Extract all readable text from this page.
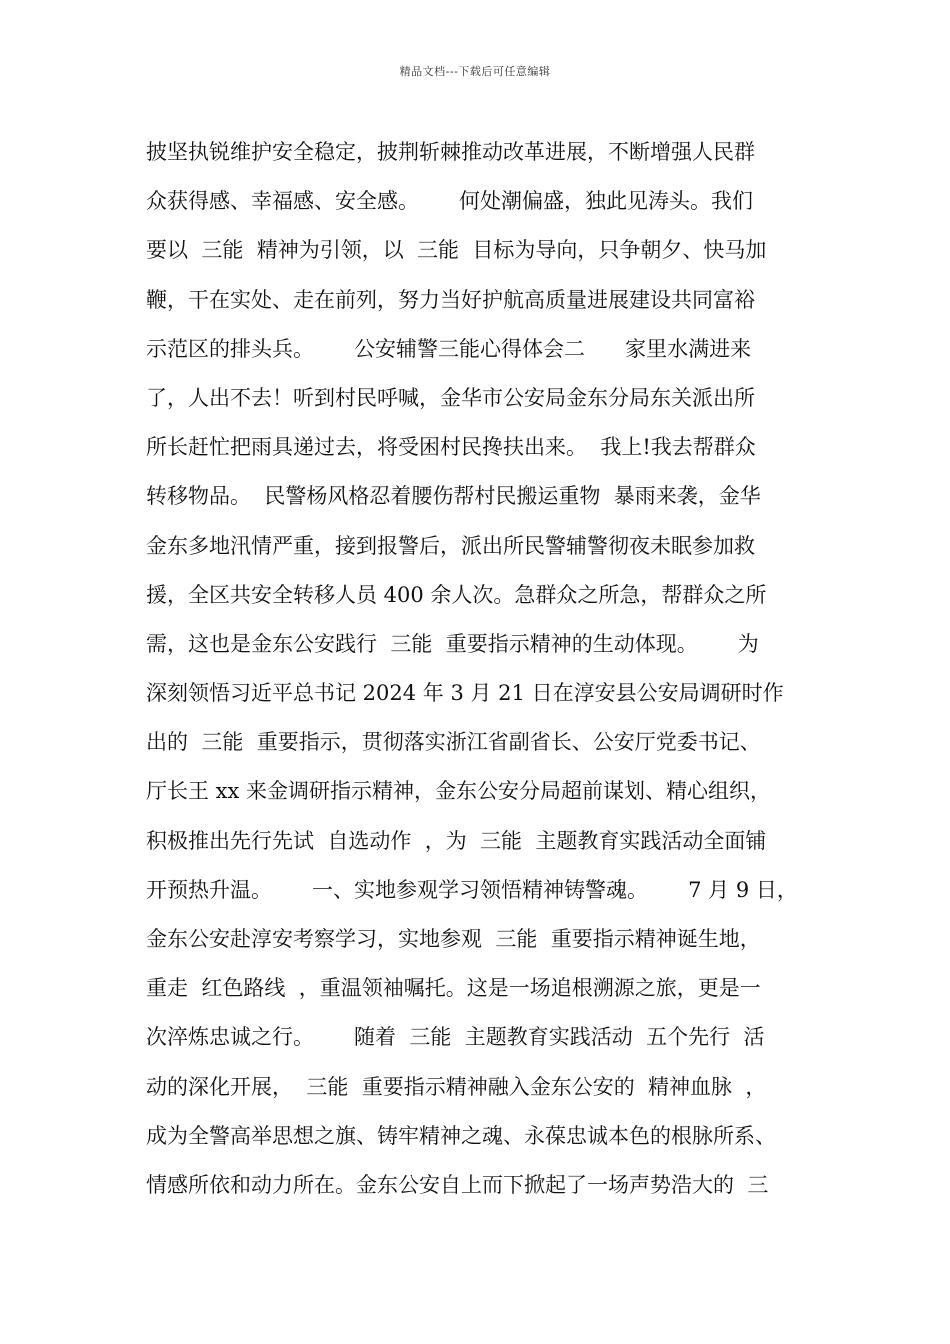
精品文档---下载后可任意编辑
披坚执锐维护安全稳定，披荆斩棘推动改革进展，不断增强人民群
众获得感、幸福感、安全感。      何处潮偏盛，独此见涛头。我们
要以  三能  精神为引领，以  三能  目标为导向，只争朝夕、快马加
鞭，干在实处、走在前列，努力当好护航高质量进展建设共同富裕
示范区的排头兵。      公安辅警三能心得体会二      家里水满进来
了，人出不去！听到村民呼喊，金华市公安局金东分局东关派出所
所长赶忙把雨具递过去，将受困村民搀扶出来。  我上!我去帮群众
转移物品。  民警杨风格忍着腰伤帮村民搬运重物  暴雨来袭，金华
金东多地汛情严重，接到报警后，派出所民警辅警彻夜未眠参加救
援，全区共安全转移人员 400 余人次。急群众之所急，帮群众之所
需，这也是金东公安践行  三能  重要指示精神的生动体现。      为
深刻领悟习近平总书记 2024 年 3 月 21 日在淳安县公安局调研时作
出的  三能  重要指示，贯彻落实浙江省副省长、公安厅党委书记、
厅长王 xx 来金调研指示精神，金东公安分局超前谋划、精心组织，
积极推出先行先试  自选动作  ，为  三能  主题教育实践活动全面铺
开预热升温。      一、实地参观学习领悟精神铸警魂。      7 月 9 日，
金东公安赴淳安考察学习，实地参观  三能  重要指示精神诞生地，
重走  红色路线  ，重温领袖嘱托。这是一场追根溯源之旅，更是一
次淬炼忠诚之行。      随着  三能  主题教育实践活动  五个先行  活
动的深化开展，  三能  重要指示精神融入金东公安的  精神血脉  ，
成为全警高举思想之旗、铸牢精神之魂、永葆忠诚本色的根脉所系、
情感所依和动力所在。金东公安自上而下掀起了一场声势浩大的  三
